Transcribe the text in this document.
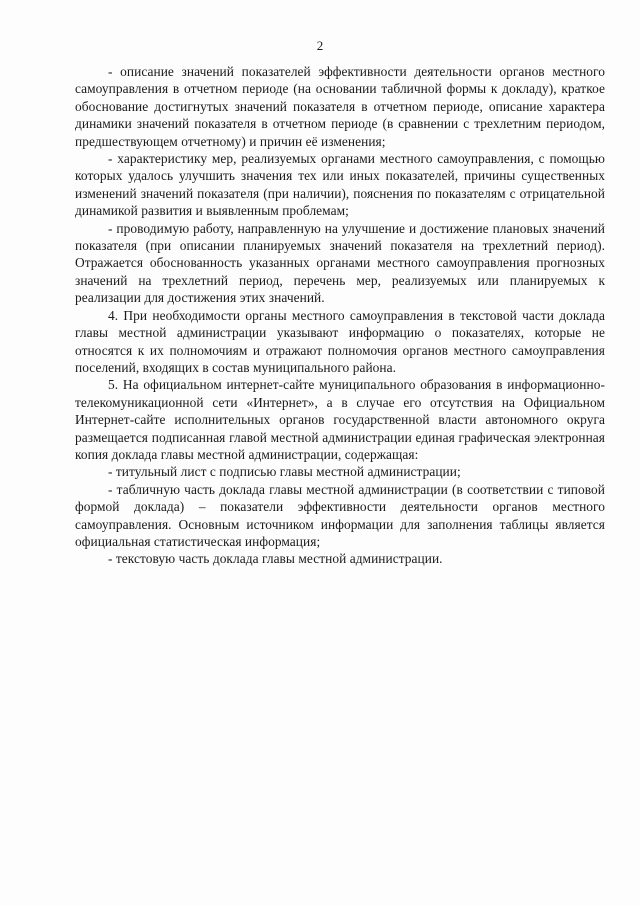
2

- описание значений показателей эффективности деятельности органов местного самоуправления в отчетном периоде (на основании табличной формы к докладу), краткое обоснование достигнутых значений показателя в отчетном периоде, описание характера динамики значений показателя в отчетном периоде (в сравнении с трехлетним периодом, предшествующем отчетному) и причин её изменения;

- характеристику мер, реализуемых органами местного самоуправления, с помощью которых удалось улучшить значения тех или иных показателей, причины существенных изменений значений показателя (при наличии), пояснения по показателям с отрицательной динамикой развития и выявленным проблемам;

- проводимую работу, направленную на улучшение и достижение плановых значений показателя (при описании планируемых значений показателя на трехлетний период). Отражается обоснованность указанных органами местного самоуправления прогнозных значений на трехлетний период, перечень мер, реализуемых или планируемых к реализации для достижения этих значений.

4. При необходимости органы местного самоуправления в текстовой части доклада главы местной администрации указывают информацию о показателях, которые не относятся к их полномочиям и отражают полномочия органов местного самоуправления поселений, входящих в состав муниципального района.

5. На официальном интернет-сайте муниципального образования в информационно-телекомуникационной сети «Интернет», а в случае его отсутствия на Официальном Интернет-сайте исполнительных органов государственной власти автономного округа размещается подписанная главой местной администрации единая графическая электронная копия доклада главы местной администрации, содержащая:

- титульный лист с подписью главы местной администрации;

- табличную часть доклада главы местной администрации (в соответствии с типовой формой доклада) – показатели эффективности деятельности органов местного самоуправления. Основным источником информации для заполнения таблицы является официальная статистическая информация;

- текстовую часть доклада главы местной администрации.
